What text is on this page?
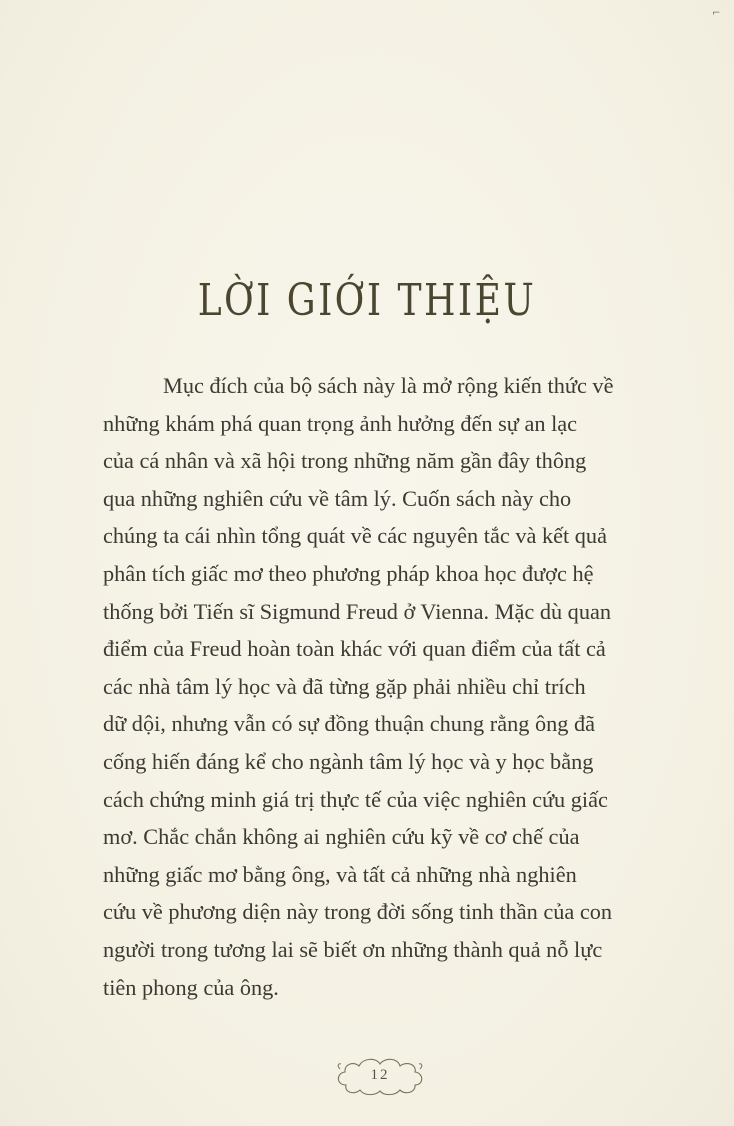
⌐
LỜI GIỚI THIỆU
Mục đích của bộ sách này là mở rộng kiến thức về
những khám phá quan trọng ảnh hưởng đến sự an lạc
của cá nhân và xã hội trong những năm gần đây thông
qua những nghiên cứu về tâm lý. Cuốn sách này cho
chúng ta cái nhìn tổng quát về các nguyên tắc và kết quả
phân tích giấc mơ theo phương pháp khoa học được hệ
thống bởi Tiến sĩ Sigmund Freud ở Vienna. Mặc dù quan
điểm của Freud hoàn toàn khác với quan điểm của tất cả
các nhà tâm lý học và đã từng gặp phải nhiều chỉ trích
dữ dội, nhưng vẫn có sự đồng thuận chung rằng ông đã
cống hiến đáng kể cho ngành tâm lý học và y học bằng
cách chứng minh giá trị thực tế của việc nghiên cứu giấc
mơ. Chắc chắn không ai nghiên cứu kỹ về cơ chế của
những giấc mơ bằng ông, và tất cả những nhà nghiên
cứu về phương diện này trong đời sống tinh thần của con
người trong tương lai sẽ biết ơn những thành quả nỗ lực
tiên phong của ông.
12
